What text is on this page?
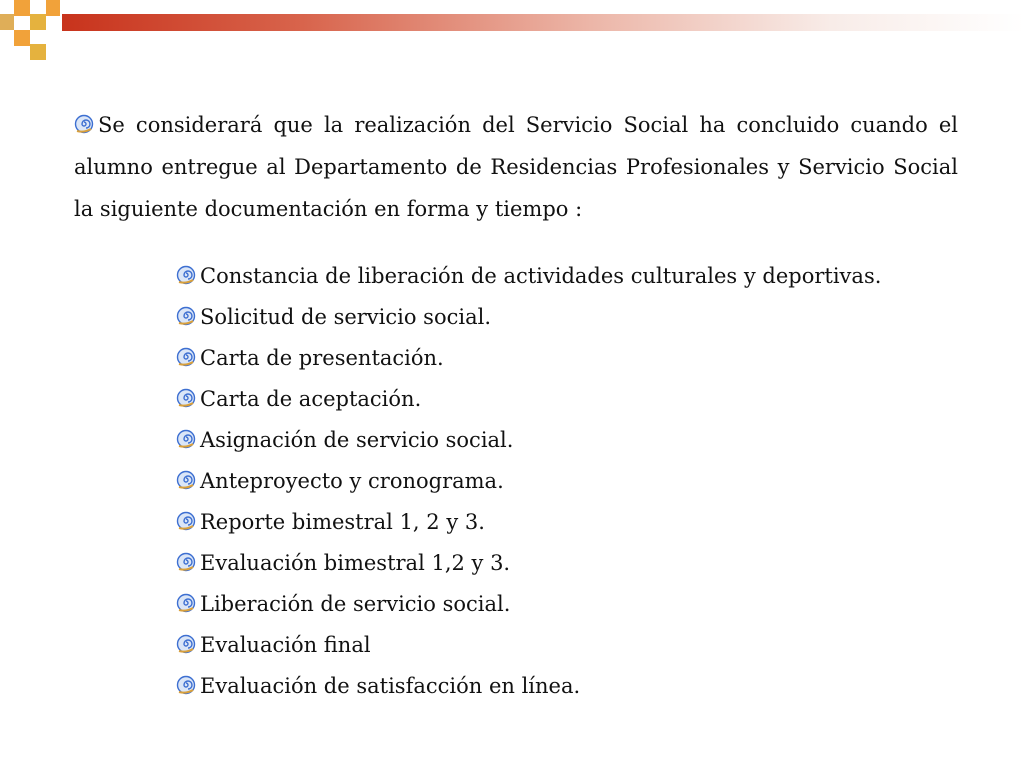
Se considerará que la realización del Servicio Social ha concluido cuando el alumno entregue al Departamento de Residencias Profesionales y Servicio Social la siguiente documentación en forma y tiempo :

Constancia de liberación de actividades culturales y deportivas.
Solicitud de servicio social.
Carta de presentación.
Carta de aceptación.
Asignación de servicio social.
Anteproyecto y cronograma.
Reporte bimestral 1, 2 y 3.
Evaluación bimestral 1,2 y 3.
Liberación de servicio social.
Evaluación final
Evaluación de satisfacción en línea.
